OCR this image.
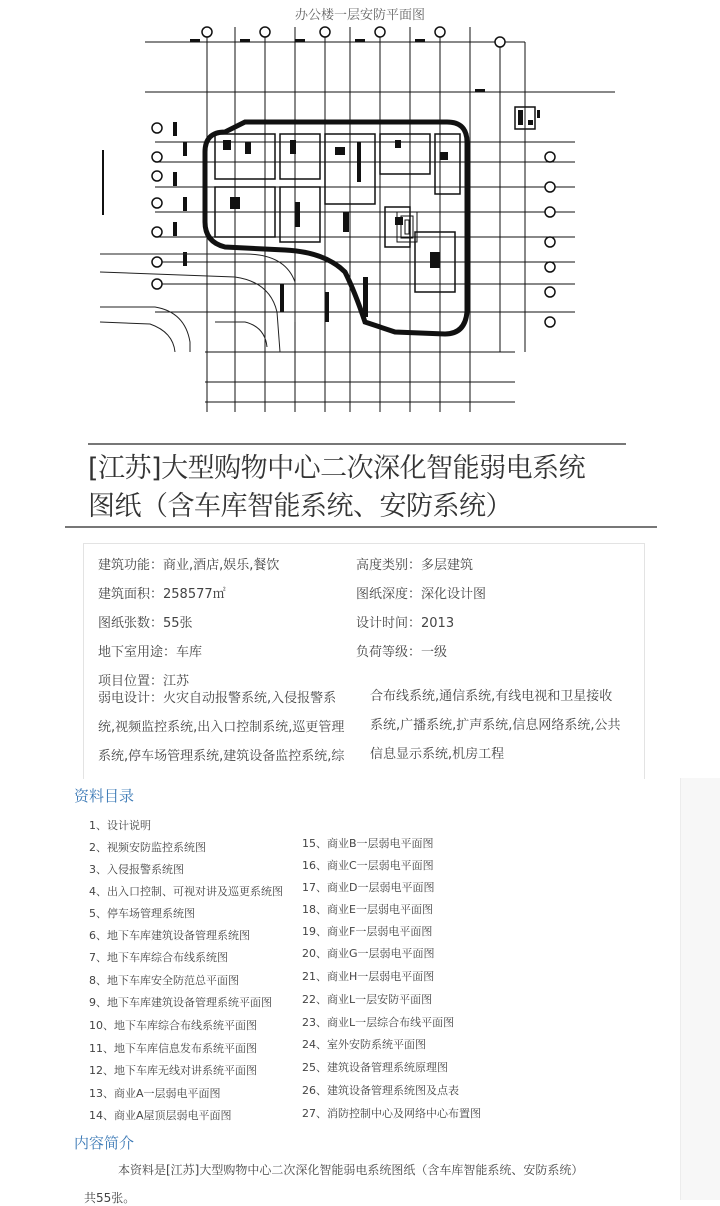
办公楼一层安防平面图
[江苏]大型购物中心二次深化智能弱电系统
图纸（含车库智能系统、安防系统）
建筑功能：商业,酒店,娱乐,餐饮	高度类别：多层建筑
建筑面积：258577㎡	图纸深度：深化设计图
图纸张数：55张	设计时间：2013
地下室用途：车库	负荷等级：一级
项目位置：江苏
弱电设计：火灾自动报警系统,入侵报警系
统,视频监控系统,出入口控制系统,巡更管理
系统,停车场管理系统,建筑设备监控系统,综
合布线系统,通信系统,有线电视和卫星接收
系统,广播系统,扩声系统,信息网络系统,公共
信息显示系统,机房工程
资料目录
1、设计说明
2、视频安防监控系统图
3、入侵报警系统图
4、出入口控制、可视对讲及巡更系统图
5、停车场管理系统图
6、地下车库建筑设备管理系统图
7、地下车库综合布线系统图
8、地下车库安全防范总平面图
9、地下车库建筑设备管理系统平面图
10、地下车库综合布线系统平面图
11、地下车库信息发布系统平面图
12、地下车库无线对讲系统平面图
13、商业A一层弱电平面图
14、商业A屋顶层弱电平面图
15、商业B一层弱电平面图
16、商业C一层弱电平面图
17、商业D一层弱电平面图
18、商业E一层弱电平面图
19、商业F一层弱电平面图
20、商业G一层弱电平面图
21、商业H一层弱电平面图
22、商业L一层安防平面图
23、商业L一层综合布线平面图
24、室外安防系统平面图
25、建筑设备管理系统原理图
26、建筑设备管理系统图及点表
27、消防控制中心及网络中心布置图
内容简介
本资料是[江苏]大型购物中心二次深化智能弱电系统图纸（含车库智能系统、安防系统）
共55张。
